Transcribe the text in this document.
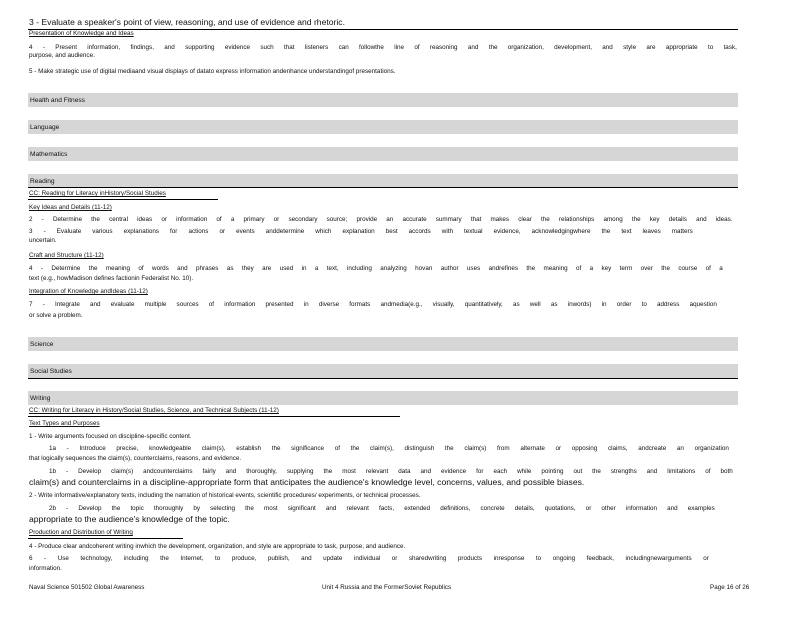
3 - Evaluate a speaker's point of view, reasoning, and use of evidence and rhetoric.
Presentation of Knowledge and Ideas
4 - Present information, findings, and supporting evidence such that listeners can followthe line of reasoning and the organization, development, and style are appropriate to task,
purpose, and audience.
5 - Make strategic use of digital mediaand visual displays of datato express information andenhance understandingof presentations.
Health and Fitness
Language
Mathematics
Reading
CC: Reading for Literacy inHistory/Social Studies
Key Ideas and Details (11-12)
2 - Determine the central ideas or information of a primary or secondary source; provide an accurate summary that makes clear the relationships among the key details and ideas.
3 - Evaluate various explanations for actions or events anddetermine which explanation best accords with textual evidence, acknowledgingwhere the text leaves matters
uncertain.
Craft and Structure (11-12)
4 - Determine the meaning of words and phrases as they are used in a text, including analyzing hovan author uses andrefines the meaning of a key term over the course of a
text (e.g., howMadison defines factionin Federalist No. 10).
Integration of Knowledge andIdeas (11-12)
7 - Integrate and evaluate multiple sources of information presented in diverse formats andmedia(e.g., visually, quantitatively, as well as inwords) in order to address aquestion
or solve a problem.
Science
Social Studies
Writing
CC: Writing for Literacy in History/Social Studies, Science, and Technical Subjects (11-12)
Text Types and Purposes
1 - Write arguments focused on discipline-specific content.
1a - Introduce precise, knowledgeable claim(s), establish the significance of the claim(s), distinguish the claim(s) from alternate or opposing claims, andcreate an organization
that logically sequences the claim(s), counterclaims, reasons, and evidence.
1b - Develop claim(s) andcounterclaims fairly and thoroughly, supplying the most relevant data and evidence for each while pointing out the strengths and limitations of both
claim(s) and counterclaims in a discipline-appropriate form that anticipates the audience's knowledge level, concerns, values, and possible biases.
2 - Write informative/explanatory texts, including the narration of historical events, scientific procedures/ experiments, or technical processes.
2b - Develop the topic thoroughly by selecting the most significant and relevant facts, extended definitions, concrete details, quotations, or other information and examples
appropriate to the audience's knowledge of the topic.
Production and Distribution of Writing
4 - Produce clear andcoherent writing inwhich the development, organization, and style are appropriate to task, purpose, and audience.
6 - Use technology, including the Internet, to produce, publish, and update individual or sharedwriting products inresponse to ongoing feedback, includingnewarguments or
information.
Naval Science 501502 Global Awareness	Unit 4 Russia and the FormerSoviet Republics	Page 16 of 26
